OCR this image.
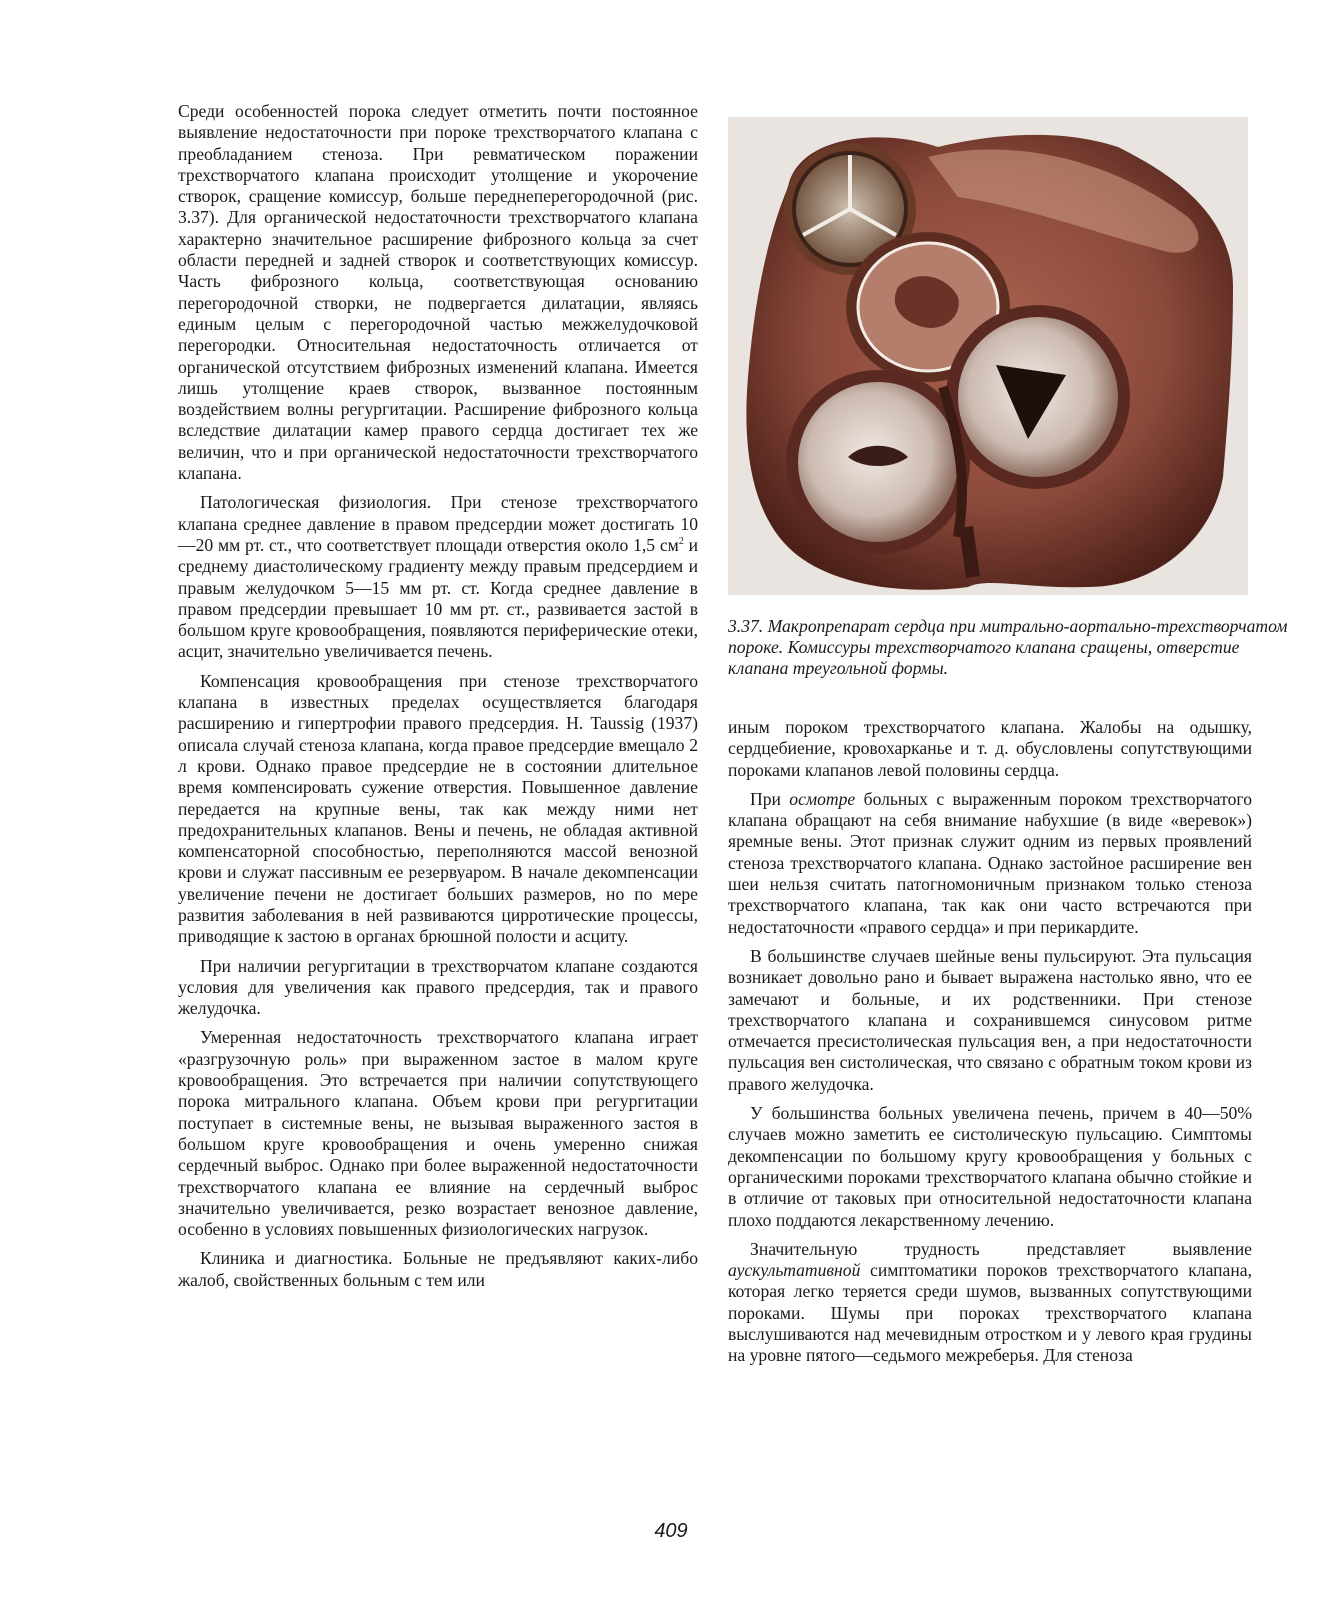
Среди особенностей порока следует отметить почти постоянное выявление недостаточности при пороке трехстворчатого клапана с преобладанием стеноза. При ревматическом поражении трехстворчатого клапана происходит утолщение и укорочение створок, сращение комиссур, больше переднеперегородочной (рис. 3.37). Для органической недостаточности трехстворчатого клапана характерно значительное расширение фиброзного кольца за счет области передней и задней створок и соответствующих комиссур. Часть фиброзного кольца, соответствующая основанию перегородочной створки, не подвергается дилатации, являясь единым целым с перегородочной частью межжелудочковой перегородки. Относительная недостаточность отличается от органической отсутствием фиброзных изменений клапана. Имеется лишь утолщение краев створок, вызванное постоянным воздействием волны регургитации. Расширение фиброзного кольца вследствие дилатации камер правого сердца достигает тех же величин, что и при органической недостаточности трехстворчатого клапана.

Патологическая физиология. При стенозе трехстворчатого клапана среднее давление в правом предсердии может достигать 10—20 мм рт. ст., что соответствует площади отверстия около 1,5 $см^2$ и среднему диастолическому градиенту между правым предсердием и правым желудочком 5—15 мм рт. ст. Когда среднее давление в правом предсердии превышает 10 мм рт. ст., развивается застой в большом круге кровообращения, появляются периферические отеки, асцит, значительно увеличивается печень.

Компенсация кровообращения при стенозе трехстворчатого клапана в известных пределах осуществляется благодаря расширению и гипертрофии правого предсердия. Н. Taussig (1937) описала случай стеноза клапана, когда правое предсердие вмещало 2 л крови. Однако правое предсердие не в состоянии длительное время компенсировать сужение отверстия. Повышенное давление передается на крупные вены, так как между ними нет предохранительных клапанов. Вены и печень, не обладая активной компенсаторной способностью, переполняются массой венозной крови и служат пассивным ее резервуаром. В начале декомпенсации увеличение печени не достигает больших размеров, но по мере развития заболевания в ней развиваются цирротические процессы, приводящие к застою в органах брюшной полости и асциту.

При наличии регургитации в трехстворчатом клапане создаются условия для увеличения как правого предсердия, так и правого желудочка.

Умеренная недостаточность трехстворчатого клапана играет «разгрузочную роль» при выраженном застое в малом круге кровообращения. Это встречается при наличии сопутствующего порока митрального клапана. Объем крови при регургитации поступает в системные вены, не вызывая выраженного застоя в большом круге кровообращения и очень умеренно снижая сердечный выброс. Однако при более выраженной недостаточности трехстворчатого клапана ее влияние на сердечный выброс значительно увеличивается, резко возрастает венозное давление, особенно в условиях повышенных физиологических нагрузок.

Клиника и диагностика. Больные не предъявляют каких-либо жалоб, свойственных больным с тем или

3.37. Макропрепарат сердца при митрально-аортально-трехстворчатом пороке. Комиссуры трехстворчатого клапана сращены, отверстие клапана треугольной формы.

иным пороком трехстворчатого клапана. Жалобы на одышку, сердцебиение, кровохарканье и т. д. обусловлены сопутствующими пороками клапанов левой половины сердца.

При осмотре больных с выраженным пороком трехстворчатого клапана обращают на себя внимание набухшие (в виде «веревок») яремные вены. Этот признак служит одним из первых проявлений стеноза трехстворчатого клапана. Однако застойное расширение вен шеи нельзя считать патогномоничным признаком только стеноза трехстворчатого клапана, так как они часто встречаются при недостаточности «правого сердца» и при перикардите.

В большинстве случаев шейные вены пульсируют. Эта пульсация возникает довольно рано и бывает выражена настолько явно, что ее замечают и больные, и их родственники. При стенозе трехстворчатого клапана и сохранившемся синусовом ритме отмечается пресистолическая пульсация вен, а при недостаточности пульсация вен систолическая, что связано с обратным током крови из правого желудочка.

У большинства больных увеличена печень, причем в 40—50% случаев можно заметить ее систолическую пульсацию. Симптомы декомпенсации по большому кругу кровообращения у больных с органическими пороками трехстворчатого клапана обычно стойкие и в отличие от таковых при относительной недостаточности клапана плохо поддаются лекарственному лечению.

Значительную трудность представляет выявление аускультативной симптоматики пороков трехстворчатого клапана, которая легко теряется среди шумов, вызванных сопутствующими пороками. Шумы при пороках трехстворчатого клапана выслушиваются над мечевидным отростком и у левого края грудины на уровне пятого—седьмого межреберья. Для стеноза

409
